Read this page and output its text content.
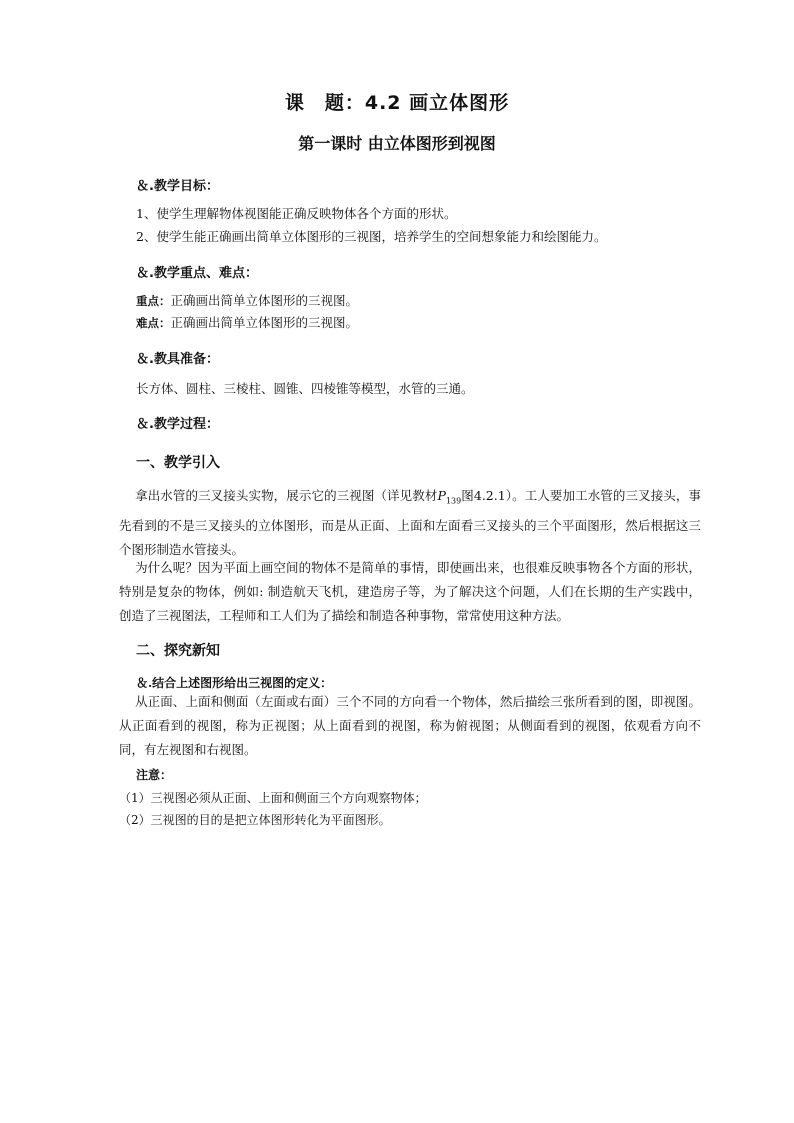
课　题：4.2 画立体图形
第一课时 由立体图形到视图
＆.教学目标：
1、使学生理解物体视图能正确反映物体各个方面的形状。
2、使学生能正确画出简单立体图形的三视图，培养学生的空间想象能力和绘图能力。
＆.教学重点、难点：
重点：正确画出简单立体图形的三视图。
难点：正确画出简单立体图形的三视图。
＆.教具准备：
长方体、圆柱、三棱柱、圆锥、四棱锥等模型，水管的三通。
＆.教学过程：
一、教学引入
拿出水管的三叉接头实物，展示它的三视图（详见教材$P_{139}$图4.2.1）。工人要加工水管的三叉接头，事先看到的不是三叉接头的立体图形，而是从正面、上面和左面看三叉接头的三个平面图形，然后根据这三个图形制造水管接头。
为什么呢？因为平面上画空间的物体不是简单的事情，即使画出来，也很难反映事物各个方面的形状，特别是复杂的物体，例如: 制造航天飞机，建造房子等，为了解决这个问题，人们在长期的生产实践中，创造了三视图法，工程师和工人们为了描绘和制造各种事物，常常使用这种方法。
二、探究新知
＆.结合上述图形给出三视图的定义：
从正面、上面和侧面（左面或右面）三个不同的方向看一个物体，然后描绘三张所看到的图，即视图。从正面看到的视图，称为正视图；从上面看到的视图，称为俯视图；从侧面看到的视图，依观看方向不同，有左视图和右视图。
注意：
（1）三视图必须从正面、上面和侧面三个方向观察物体；
（2）三视图的目的是把立体图形转化为平面图形。
